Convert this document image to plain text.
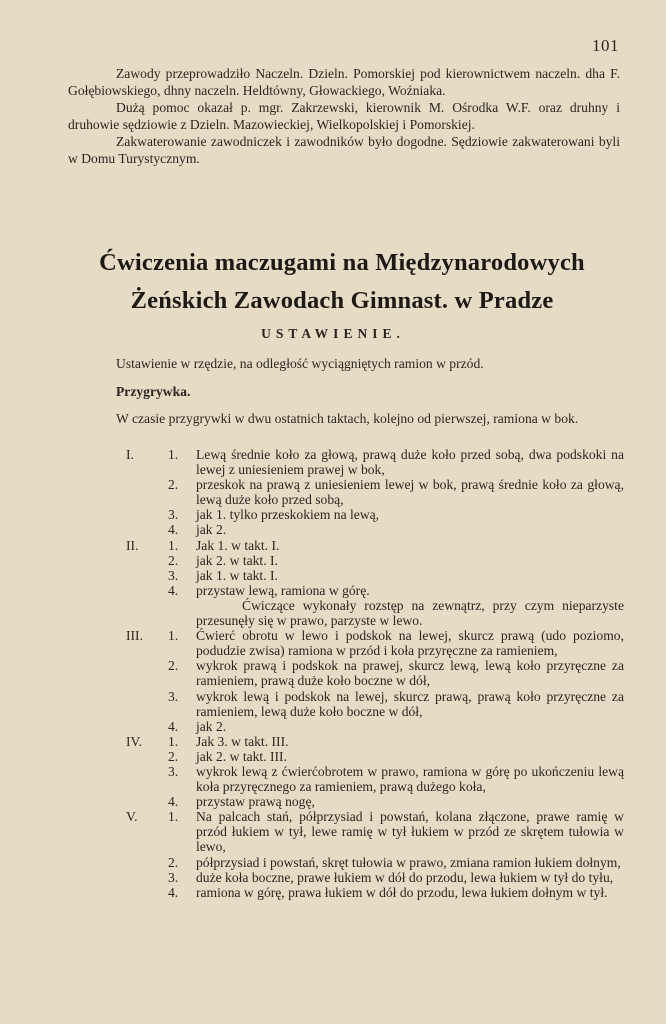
101

Zawody przeprowadziło Naczeln. Dzieln. Pomorskiej pod kierownictwem naczeln. dha F. Gołębiowskiego, dhny naczeln. Heldtówny, Głowackiego, Woźniaka.

Dużą pomoc okazał p. mgr. Zakrzewski, kierownik M. Ośrodka W.F. oraz druhny i druhowie sędziowie z Dzieln. Mazowieckiej, Wielkopolskiej i Pomorskiej.

Zakwaterowanie zawodniczek i zawodników było dogodne. Sędziowie zakwaterowani byli w Domu Turystycznym.

Ćwiczenia maczugami na Międzynarodowych
Żeńskich Zawodach Gimnast. w Pradze
USTAWIENIE.

Ustawienie w rzędzie, na odległość wyciągniętych ramion w przód.

Przygrywka.

W czasie przygrywki w dwu ostatnich taktach, kolejno od pierwszej, ramiona w bok.

I.	1.	Lewą średnie koło za głową, prawą duże koło przed sobą, dwa podskoki na lewej z uniesieniem prawej w bok,
2.	przeskok na prawą z uniesieniem lewej w bok, prawą średnie koło za głową, lewą duże koło przed sobą,
3.	jak 1. tylko przeskokiem na lewą,
4.	jak 2.
II.	1.	Jak 1. w takt. I.
2.	jak 2. w takt. I.
3.	jak 1. w takt. I.
4.	przystaw lewą, ramiona w górę.
Ćwiczące wykonały rozstęp na zewnątrz, przy czym nieparzyste przesunęły się w prawo, parzyste w lewo.
III.	1.	Ćwierć obrotu w lewo i podskok na lewej, skurcz prawą (udo poziomo, podudzie zwisa) ramiona w przód i koła przyręczne za ramieniem,
2.	wykrok prawą i podskok na prawej, skurcz lewą, lewą koło przyręczne za ramieniem, prawą duże koło boczne w dół,
3.	wykrok lewą i podskok na lewej, skurcz prawą, prawą koło przyręczne za ramieniem, lewą duże koło boczne w dół,
4.	jak 2.
IV.	1.	Jak 3. w takt. III.
2.	jak 2. w takt. III.
3.	wykrok lewą z ćwierćobrotem w prawo, ramiona w górę po ukończeniu lewą koła przyręcznego za ramieniem, prawą dużego koła,
4.	przystaw prawą nogę,
V.	1.	Na palcach stań, półprzysiad i powstań, kolana złączone, prawe ramię w przód łukiem w tył, lewe ramię w tył łukiem w przód ze skrętem tułowia w lewo,
2.	półprzysiad i powstań, skręt tułowia w prawo, zmiana ramion łukiem dołnym,
3.	duże koła boczne, prawe łukiem w dół do przodu, lewa łukiem w tył do tyłu,
4.	ramiona w górę, prawa łukiem w dół do przodu, lewa łukiem dołnym w tył.
